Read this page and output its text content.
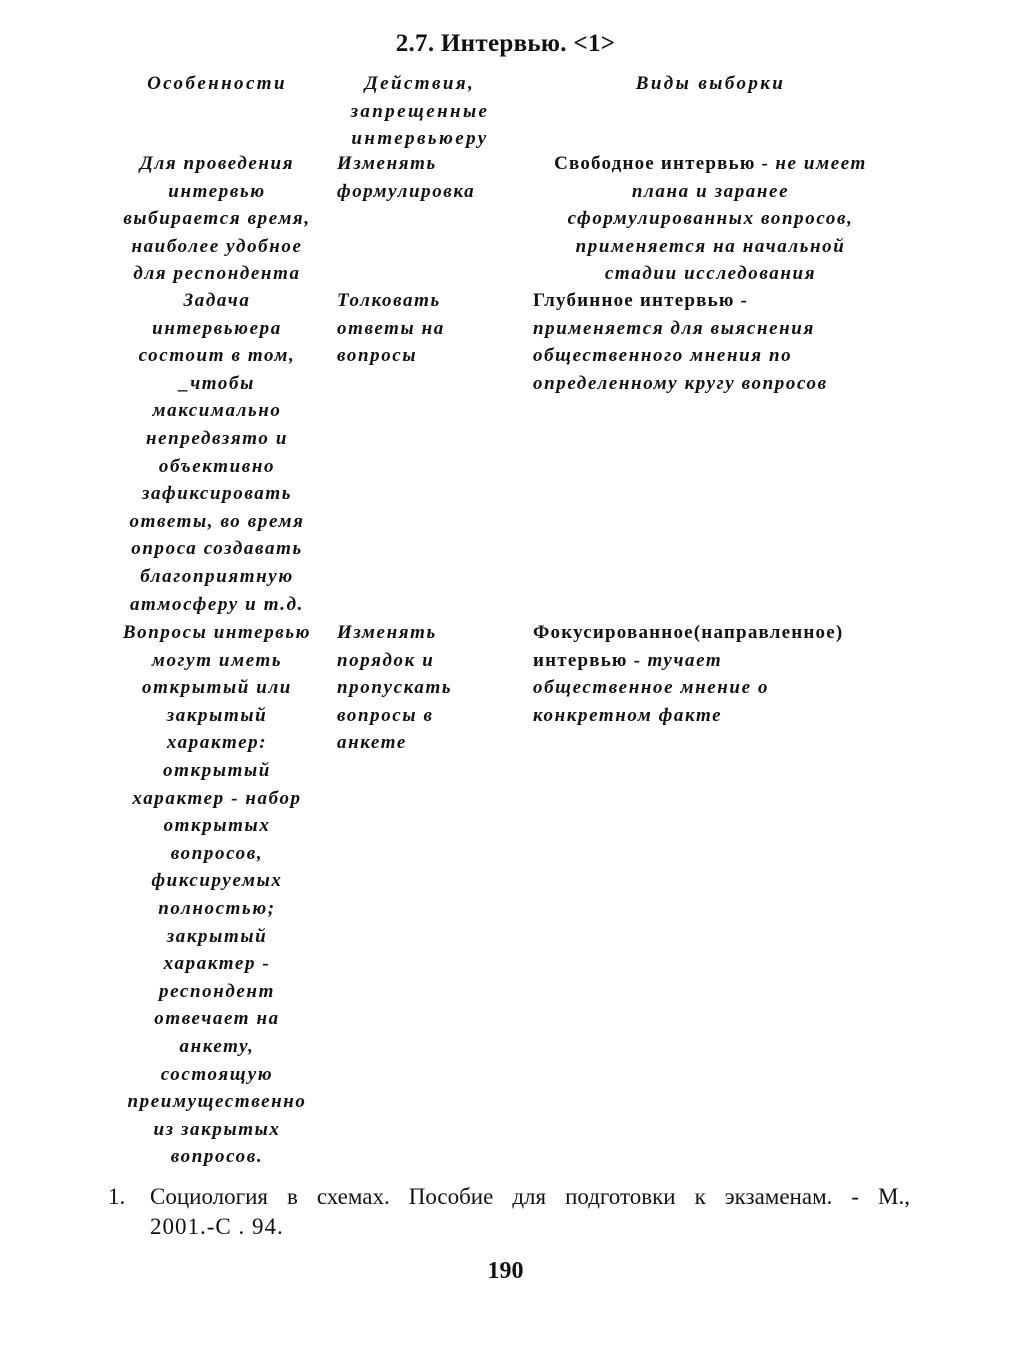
2.7. Интервью. <1>
Особенности	Действия,
запрещенные
интервьюеру
Виды выборки
Для проведения
интервью
выбирается время,
наиболее удобное
для респондента
Изменять
формулировка
Свободное интервью - не имеет
плана и заранее
сформулированных вопросов,
применяется на начальной
стадии исследования
Задача
интервьюера
состоит в том,
_чтобы
максимально
непредвзято и
объективно
зафиксировать
ответы, во время
опроса создавать
благоприятную
атмосферу и т.д.
Толковать
ответы на
вопросы
Глубинное интервью -
применяется для выяснения
общественного мнения по
определенному кругу вопросов
Вопросы интервью
могут иметь
открытый или
закрытый
характер:
открытый
характер - набор
открытых
вопросов,
фиксируемых
полностью;
закрытый
характер -
респондент
отвечает на
анкету,
состоящую
преимущественно
из закрытых
вопросов.
Изменять
порядок и
пропускать
вопросы в
анкете
Фокусированное(направленное)
интервью - тучает
общественное мнение о
конкретном факте
1. Социология в схемах. Пособие для подготовки к экзаменам. - М.,
2001.-С . 94.
190
